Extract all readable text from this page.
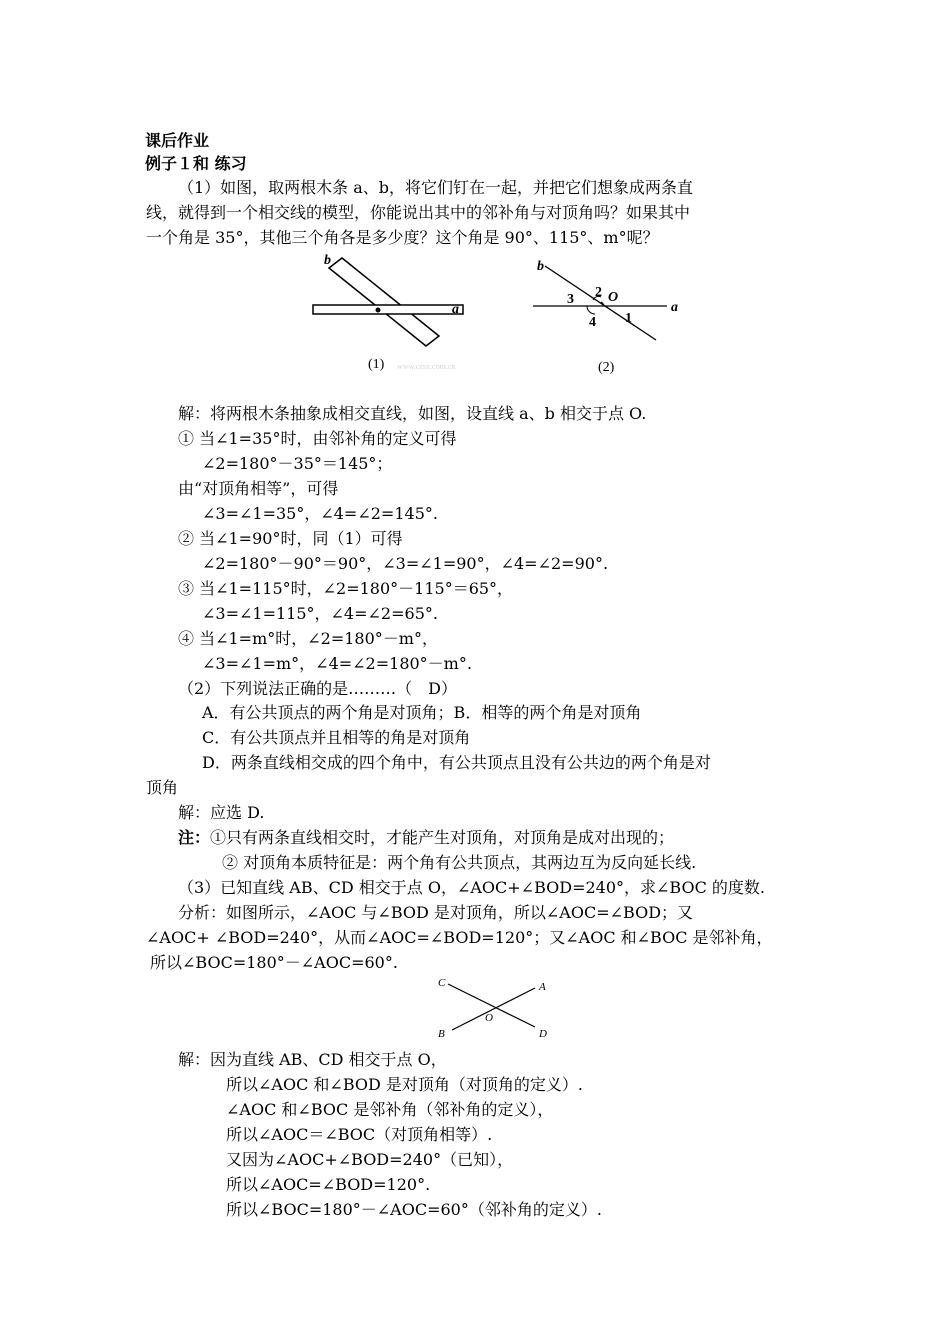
课后作业
例子１和 练习
（1）如图，取两根木条 a、b，将它们钉在一起，并把它们想象成两条直
线，就得到一个相交线的模型，你能说出其中的邻补角与对顶角吗？如果其中
一个角是 35°，其他三个角各是多少度？这个角是 90°、115°、m°呢？
b
a
(1) www.czsx.com.cn
b
a
2 O
3
4 1
(2)
解：将两根木条抽象成相交直线，如图，设直线 a、b 相交于点 O.
① 当∠1=35°时，由邻补角的定义可得
∠2=180°－35°＝145°；
由“对顶角相等”，可得
∠3=∠1=35°，∠4=∠2=145°.
② 当∠1=90°时，同（1）可得
∠2=180°－90°＝90°，∠3=∠1=90°，∠4=∠2=90°.
③ 当∠1=115°时，∠2=180°－115°＝65°，
∠3=∠1=115°，∠4=∠2=65°.
④ 当∠1=m°时，∠2=180°－m°，
∠3=∠1=m°，∠4=∠2=180°－m°.
（2）下列说法正确的是………（　D）
A．有公共顶点的两个角是对顶角；B．相等的两个角是对顶角
C．有公共顶点并且相等的角是对顶角
D．两条直线相交成的四个角中，有公共顶点且没有公共边的两个角是对
顶角
解：应选 D.
注：①只有两条直线相交时，才能产生对顶角，对顶角是成对出现的；
② 对顶角本质特征是：两个角有公共顶点，其两边互为反向延长线.
（3）已知直线 AB、CD 相交于点 O，∠AOC+∠BOD=240°，求∠BOC 的度数.
分析：如图所示，∠AOC 与∠BOD 是对顶角，所以∠AOC=∠BOD；又
∠AOC+ ∠BOD=240°，从而∠AOC=∠BOD=120°；又∠AOC 和∠BOC 是邻补角，
所以∠BOC=180°－∠AOC=60°.
C	A
O
B	D
解：因为直线 AB、CD 相交于点 O，
所以∠AOC 和∠BOD 是对顶角（对顶角的定义）.
∠AOC 和∠BOC 是邻补角（邻补角的定义），
所以∠AOC＝∠BOC（对顶角相等）.
又因为∠AOC+∠BOD=240°（已知），
所以∠AOC=∠BOD=120°.
所以∠BOC=180°－∠AOC=60°（邻补角的定义）.
